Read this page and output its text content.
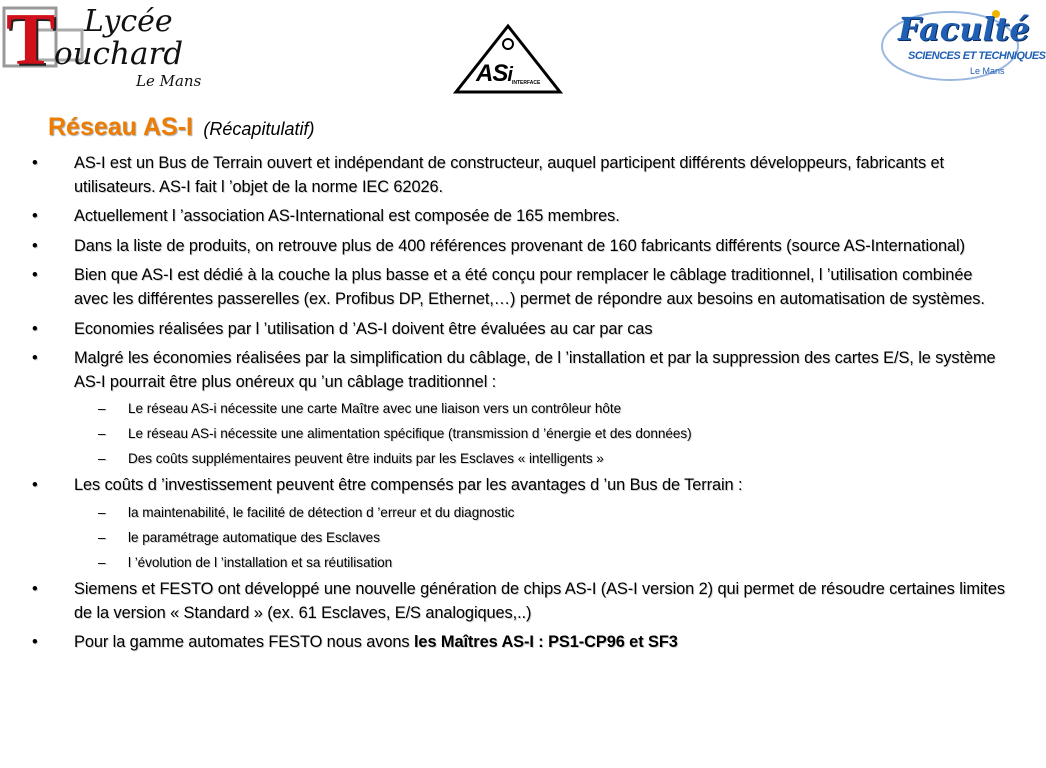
T Lycée
ouchard
Le Mans	ASi INTERFACE
Faculté
SCIENCES ET TECHNIQUES
Le Mans
Réseau AS-I (Récapitulatif)
• AS-I est un Bus de Terrain ouvert et indépendant de constructeur, auquel participent différents développeurs, fabricants et utilisateurs. AS-I fait l ’objet de la norme IEC 62026.
• Actuellement l ’association AS-International est composée de 165 membres.
• Dans la liste de produits, on retrouve plus de 400 références provenant de 160 fabricants différents (source AS-International)
• Bien que AS-I est dédié à la couche la plus basse et a été conçu pour remplacer le câblage traditionnel, l ’utilisation combinée avec les différentes passerelles (ex. Profibus DP, Ethernet,…) permet de répondre aux besoins en automatisation de systèmes.
• Economies réalisées par l ’utilisation d ’AS-I doivent être évaluées au car par cas
• Malgré les économies réalisées par la simplification du câblage, de l ’installation et par la suppression des cartes E/S, le système AS-I pourrait être plus onéreux qu ’un câblage traditionnel :
– Le réseau AS-i nécessite une carte Maître avec une liaison vers un contrôleur hôte
– Le réseau AS-i nécessite une alimentation spécifique (transmission d ’énergie et des données)
– Des coûts supplémentaires peuvent être induits par les Esclaves « intelligents »
• Les coûts d ’investissement peuvent être compensés par les avantages d ’un Bus de Terrain :
– la maintenabilité, le facilité de détection d ’erreur et du diagnostic
– le paramétrage automatique des Esclaves
– l ’évolution de l ’installation et sa réutilisation
• Siemens et FESTO ont développé une nouvelle génération de chips AS-I (AS-I version 2) qui permet de résoudre certaines limites de la version « Standard » (ex. 61 Esclaves, E/S analogiques,..)
• Pour la gamme automates FESTO nous avons les Maîtres AS-I : PS1-CP96 et SF3
